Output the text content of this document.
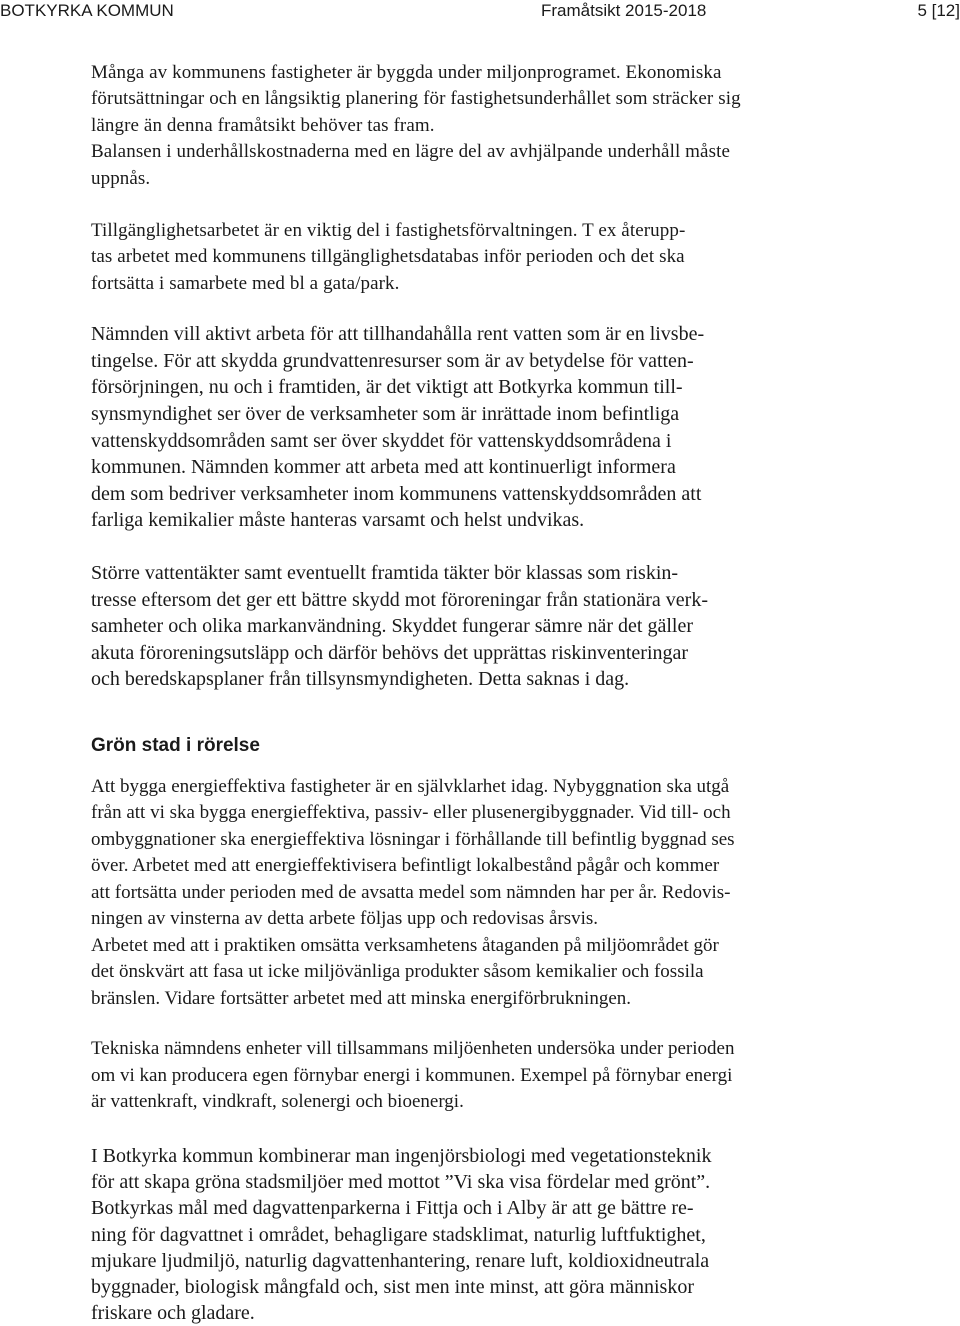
BOTKYRKA KOMMUN	Framåtsikt 2015-2018	5 [12]

Många av kommunens fastigheter är byggda under miljonprogramet. Ekonomiska
förutsättningar och en långsiktig planering för fastighetsunderhållet som sträcker sig
längre än denna framåtsikt behöver tas fram.
Balansen i underhållskostnaderna med en lägre del av avhjälpande underhåll måste
uppnås.

Tillgänglighetsarbetet är en viktig del i fastighetsförvaltningen. T ex återupp-
tas arbetet med kommunens tillgänglighetsdatabas inför perioden och det ska
fortsätta i samarbete med bl a gata/park.

Nämnden vill aktivt arbeta för att tillhandahålla rent vatten som är en livsbe-
tingelse. För att skydda grundvattenresurser som är av betydelse för vatten-
försörjningen, nu och i framtiden, är det viktigt att Botkyrka kommun till-
synsmyndighet ser över de verksamheter som är inrättade inom befintliga
vattenskyddsområden samt ser över skyddet för vattenskyddsområdena i
kommunen. Nämnden kommer att arbeta med att kontinuerligt informera
dem som bedriver verksamheter inom kommunens vattenskyddsområden att
farliga kemikalier måste hanteras varsamt och helst undvikas.

Större vattentäkter samt eventuellt framtida täkter bör klassas som riskin-
tresse eftersom det ger ett bättre skydd mot föroreningar från stationära verk-
samheter och olika markanvändning. Skyddet fungerar sämre när det gäller
akuta föroreningsutsläpp och därför behövs det upprättas riskinventeringar
och beredskapsplaner från tillsynsmyndigheten. Detta saknas i dag.

Grön stad i rörelse

Att bygga energieffektiva fastigheter är en självklarhet idag. Nybyggnation ska utgå
från att vi ska bygga energieffektiva, passiv- eller plusenergibyggnader. Vid till- och
ombyggnationer ska energieffektiva lösningar i förhållande till befintlig byggnad ses
över. Arbetet med att energieffektivisera befintligt lokalbestånd pågår och kommer
att fortsätta under perioden med de avsatta medel som nämnden har per år. Redovis-
ningen av vinsterna av detta arbete följas upp och redovisas årsvis.

Arbetet med att i praktiken omsätta verksamhetens åtaganden på miljöområdet gör
det önskvärt att fasa ut icke miljövänliga produkter såsom kemikalier och fossila
bränslen. Vidare fortsätter arbetet med att minska energiförbrukningen.

Tekniska nämndens enheter vill tillsammans miljöenheten undersöka under perioden
om vi kan producera egen förnybar energi i kommunen. Exempel på förnybar energi
är vattenkraft, vindkraft, solenergi och bioenergi.

I Botkyrka kommun kombinerar man ingenjörsbiologi med vegetationsteknik
för att skapa gröna stadsmiljöer med mottot ”Vi ska visa fördelar med grönt”.
Botkyrkas mål med dagvattenparkerna i Fittja och i Alby är att ge bättre re-
ning för dagvattnet i området, behagligare stadsklimat, naturlig luftfuktighet,
mjukare ljudmiljö, naturlig dagvattenhantering, renare luft, koldioxidneutrala
byggnader, biologisk mångfald och, sist men inte minst, att göra människor
friskare och gladare.
